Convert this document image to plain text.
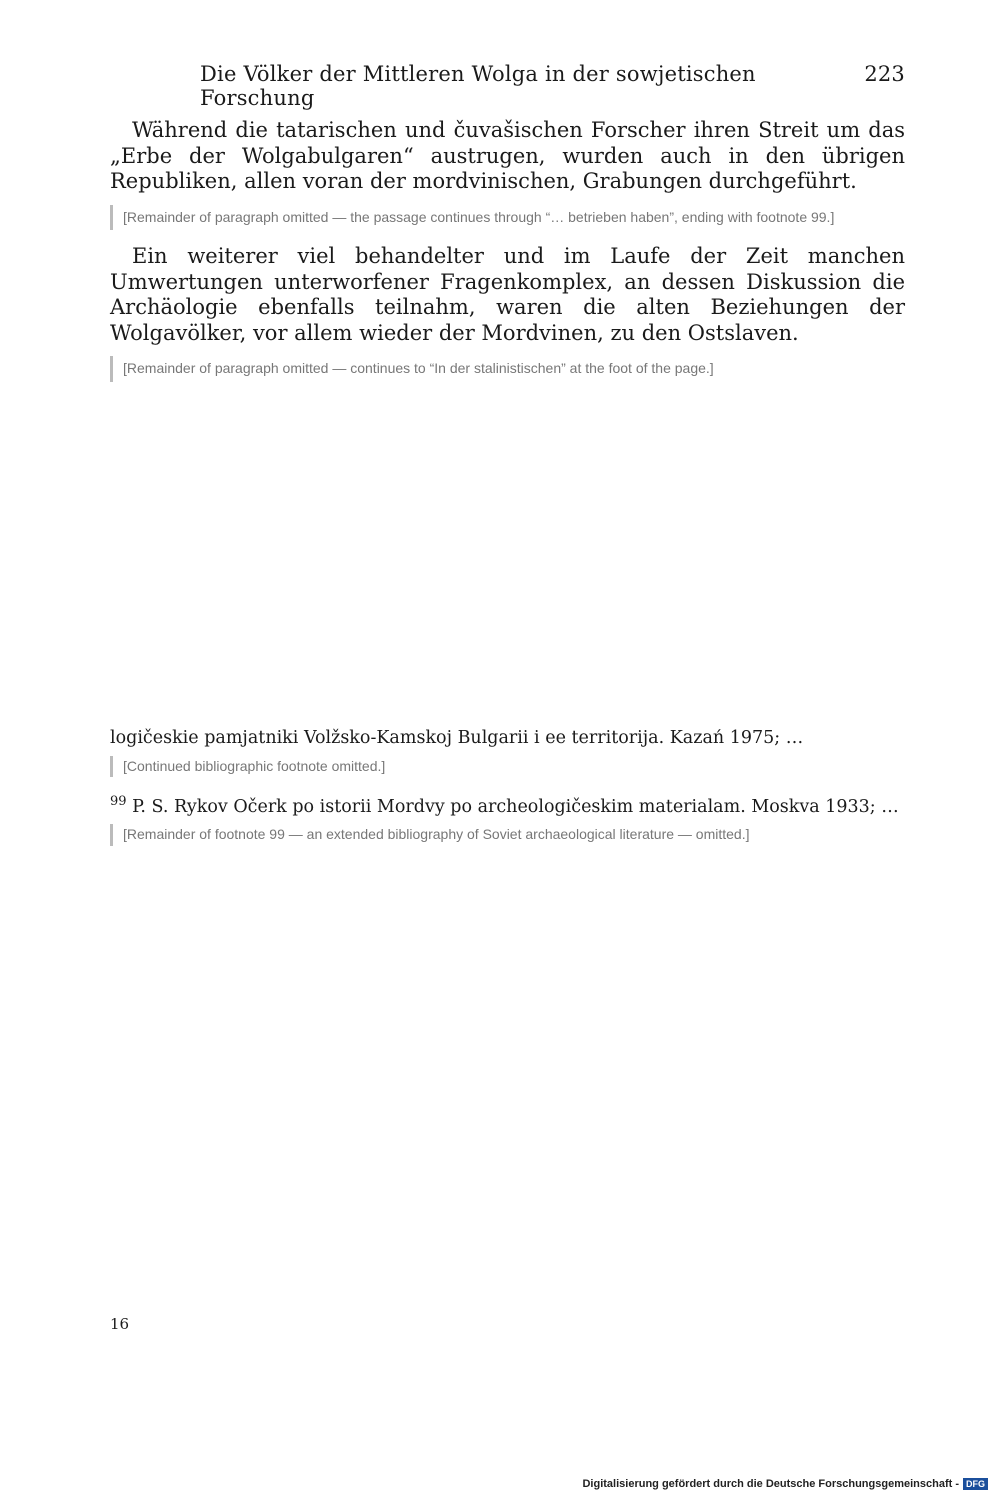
Die Völker der Mittleren Wolga in der sowjetischen Forschung
223

Während die tatarischen und čuvašischen Forscher ihren Streit um das „Erbe der Wolgabulgaren“ austrugen, wurden auch in den übrigen Republiken, allen voran der mordvinischen, Grabungen durchgeführt.

[Remainder of paragraph omitted — the passage continues through “… betrieben haben”, ending with footnote 99.]

Ein weiterer viel behandelter und im Laufe der Zeit manchen Umwertungen unterworfener Fragenkomplex, an dessen Diskussion die Archäologie ebenfalls teilnahm, waren die alten Beziehungen der Wolgavölker, vor allem wieder der Mordvinen, zu den Ostslaven.

[Remainder of paragraph omitted — continues to “In der stalinistischen” at the foot of the page.]

logičeskie pamjatniki Volžsko-Kamskoj Bulgarii i ee territorija. Kazań 1975; …

[Continued bibliographic footnote omitted.]

$^{99}$ P. S. Rykov Očerk po istorii Mordvy po archeologičeskim materialam. Moskva 1933; …

[Remainder of footnote 99 — an extended bibliography of Soviet archaeological literature — omitted.]
16
Digitalisierung gefördert durch die Deutsche Forschungsgemeinschaft - DFG
